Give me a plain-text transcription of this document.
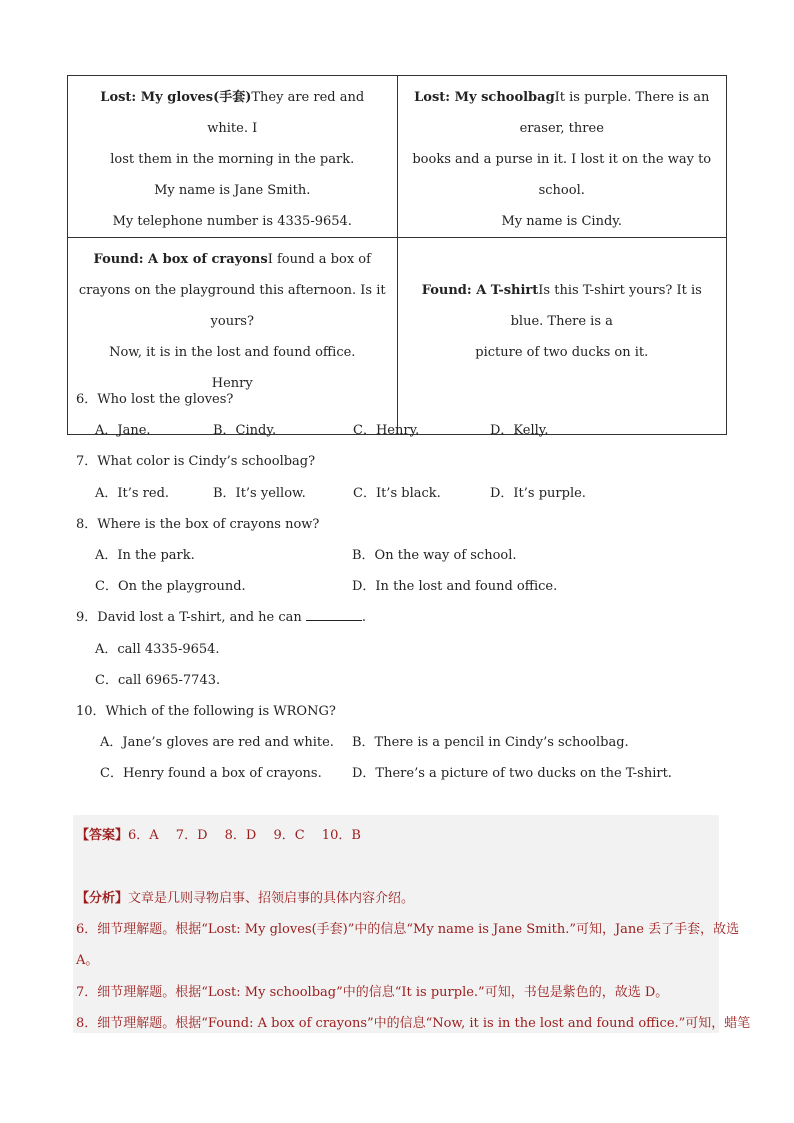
Lost: My gloves(手套)They are red and white. I
lost them in the morning in the park.
My name is Jane Smith.
My telephone number is 4335-9654.	Lost: My schoolbagIt is purple. There is an eraser, three
books and a purse in it. I lost it on the way to school.
My name is Cindy.
Found: A box of crayonsI found a box of
crayons on the playground this afternoon. Is it
yours?
Now, it is in the lost and found office.
Henry	Found: A T-shirtIs this T-shirt yours? It is blue. There is a
picture of two ducks on it.
6．Who lost the gloves?
A．Jane.	B．Cindy.	C．Henry.	D．Kelly.
7．What color is Cindy’s schoolbag?
A．It’s red.	B．It’s yellow.	C．It’s black.	D．It’s purple.
8．Where is the box of crayons now?
A．In the park.	B．On the way of school.
C．On the playground.	D．In the lost and found office.
9．David lost a T-shirt, and he can	.
A．call 4335-9654.
C．call 6965-7743.
10．Which of the following is WRONG?
A．Jane’s gloves are red and white. B．There is a pencil in Cindy’s schoolbag.
C．Henry found a box of crayons. D．There’s a picture of two ducks on the T-shirt.
【答案】6．A　 7．D　 8．D　 9．C　 10．B
【分析】文章是几则寻物启事、招领启事的具体内容介绍。
6．细节理解题。根据“Lost: My gloves(手套)”中的信息“My name is Jane Smith.”可知，Jane 丢了手套，故选
A。
7．细节理解题。根据“Lost: My schoolbag”中的信息“It is purple.”可知，书包是紫色的，故选 D。
8．细节理解题。根据“Found: A box of crayons”中的信息“Now, it is in the lost and found office.”可知，蜡笔
